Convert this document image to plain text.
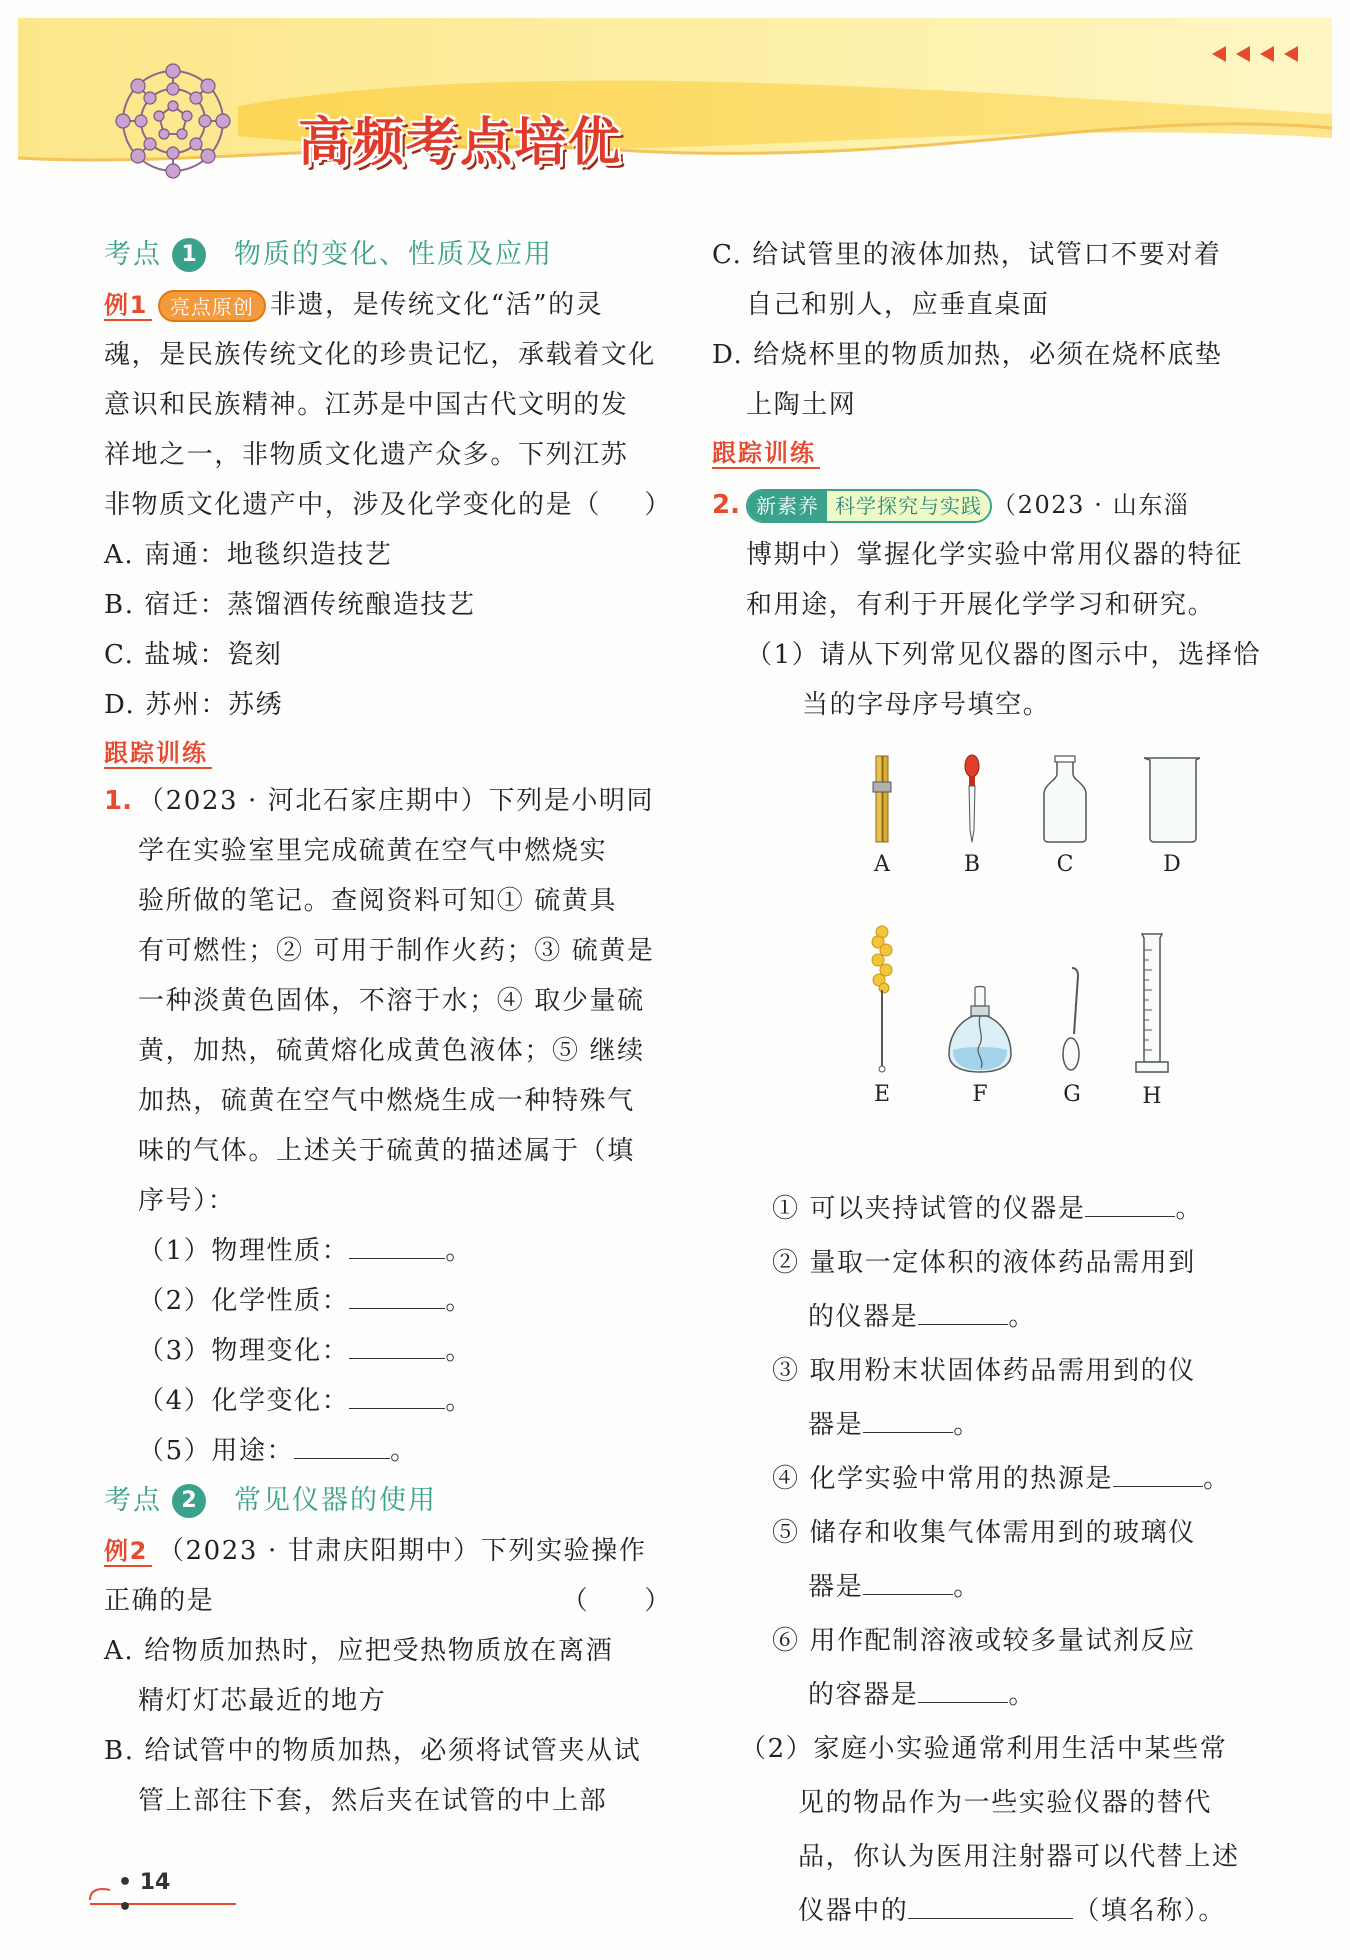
高频考点培优
考点 1	物质的变化、性质及应用
例1 亮点原创 非遗，是传统文化“活”的灵
魂，是民族传统文化的珍贵记忆，承载着文化
意识和民族精神。江苏是中国古代文明的发
祥地之一，非物质文化遗产众多。下列江苏
非物质文化遗产中，涉及化学变化的是（ ）
A. 南通：地毯织造技艺
B. 宿迁：蒸馏酒传统酿造技艺
C. 盐城：瓷刻
D. 苏州：苏绣
跟踪训练
1. （2023 · 河北石家庄期中）下列是小明同
学在实验室里完成硫黄在空气中燃烧实
验所做的笔记。查阅资料可知① 硫黄具
有可燃性；② 可用于制作火药；③ 硫黄是
一种淡黄色固体，不溶于水；④ 取少量硫
黄，加热，硫黄熔化成黄色液体；⑤ 继续
加热，硫黄在空气中燃烧生成一种特殊气
味的气体。上述关于硫黄的描述属于（填
序号）：
（1）物理性质：	。
（2）化学性质：	。
（3）物理变化：	。
（4）化学变化：	。
（5）用途：	。
考点 2	常见仪器的使用
例2 （2023 · 甘肃庆阳期中）下列实验操作
正确的是	（　　）
A. 给物质加热时，应把受热物质放在离酒
精灯灯芯最近的地方
B. 给试管中的物质加热，必须将试管夹从试
管上部往下套，然后夹在试管的中上部
C. 给试管里的液体加热，试管口不要对着
自己和别人，应垂直桌面
D. 给烧杯里的物质加热，必须在烧杯底垫
上陶土网
跟踪训练
2. 新素养 科学探究与实践 （2023 · 山东淄
博期中）掌握化学实验中常用仪器的特征
和用途，有利于开展化学学习和研究。
（1）请从下列常见仪器的图示中，选择恰
当的字母序号填空。
A	B	C	D
E	F	G	H
① 可以夹持试管的仪器是	。
② 量取一定体积的液体药品需用到
的仪器是	。
③ 取用粉末状固体药品需用到的仪
器是	。
④ 化学实验中常用的热源是	。
⑤ 储存和收集气体需用到的玻璃仪
器是	。
⑥ 用作配制溶液或较多量试剂反应
的容器是	。
（2）家庭小实验通常利用生活中某些常
见的物品作为一些实验仪器的替代
品，你认为医用注射器可以代替上述
仪器中的	（填名称）。
• 14 •
